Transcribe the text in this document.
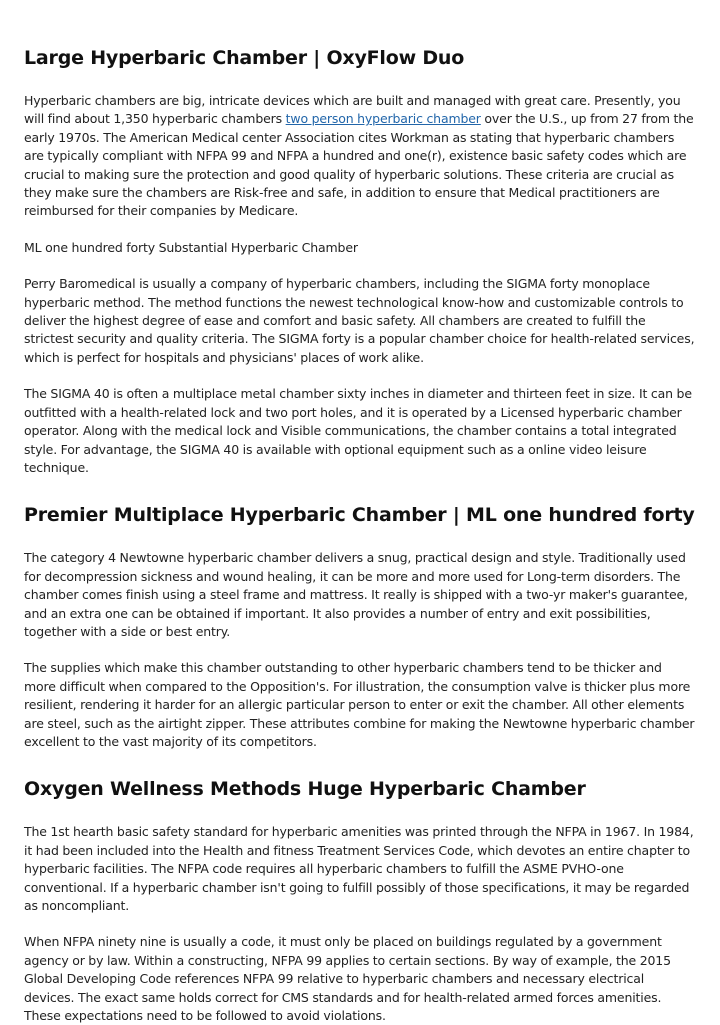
Large Hyperbaric Chamber | OxyFlow Duo

Hyperbaric chambers are big, intricate devices which are built and managed with great care. Presently, you will find about 1,350 hyperbaric chambers two person hyperbaric chamber over the U.S., up from 27 from the early 1970s. The American Medical center Association cites Workman as stating that hyperbaric chambers are typically compliant with NFPA 99 and NFPA a hundred and one(r), existence basic safety codes which are crucial to making sure the protection and good quality of hyperbaric solutions. These criteria are crucial as they make sure the chambers are Risk-free and safe, in addition to ensure that Medical practitioners are reimbursed for their companies by Medicare.

ML one hundred forty Substantial Hyperbaric Chamber

Perry Baromedical is usually a company of hyperbaric chambers, including the SIGMA forty monoplace hyperbaric method. The method functions the newest technological know-how and customizable controls to deliver the highest degree of ease and comfort and basic safety. All chambers are created to fulfill the strictest security and quality criteria. The SIGMA forty is a popular chamber choice for health-related services, which is perfect for hospitals and physicians' places of work alike.

The SIGMA 40 is often a multiplace metal chamber sixty inches in diameter and thirteen feet in size. It can be outfitted with a health-related lock and two port holes, and it is operated by a Licensed hyperbaric chamber operator. Along with the medical lock and Visible communications, the chamber contains a total integrated style. For advantage, the SIGMA 40 is available with optional equipment such as a online video leisure technique.

Premier Multiplace Hyperbaric Chamber | ML one hundred forty

The category 4 Newtowne hyperbaric chamber delivers a snug, practical design and style. Traditionally used for decompression sickness and wound healing, it can be more and more used for Long-term disorders. The chamber comes finish using a steel frame and mattress. It really is shipped with a two-yr maker's guarantee, and an extra one can be obtained if important. It also provides a number of entry and exit possibilities, together with a side or best entry.

The supplies which make this chamber outstanding to other hyperbaric chambers tend to be thicker and more difficult when compared to the Opposition's. For illustration, the consumption valve is thicker plus more resilient, rendering it harder for an allergic particular person to enter or exit the chamber. All other elements are steel, such as the airtight zipper. These attributes combine for making the Newtowne hyperbaric chamber excellent to the vast majority of its competitors.

Oxygen Wellness Methods Huge Hyperbaric Chamber

The 1st hearth basic safety standard for hyperbaric amenities was printed through the NFPA in 1967. In 1984, it had been included into the Health and fitness Treatment Services Code, which devotes an entire chapter to hyperbaric facilities. The NFPA code requires all hyperbaric chambers to fulfill the ASME PVHO-one conventional. If a hyperbaric chamber isn't going to fulfill possibly of those specifications, it may be regarded as noncompliant.

When NFPA ninety nine is usually a code, it must only be placed on buildings regulated by a government agency or by law. Within a constructing, NFPA 99 applies to certain sections. By way of example, the 2015 Global Developing Code references NFPA 99 relative to hyperbaric chambers and necessary electrical devices. The exact same holds correct for CMS standards and for health-related armed forces amenities. These expectations need to be followed to avoid violations.
